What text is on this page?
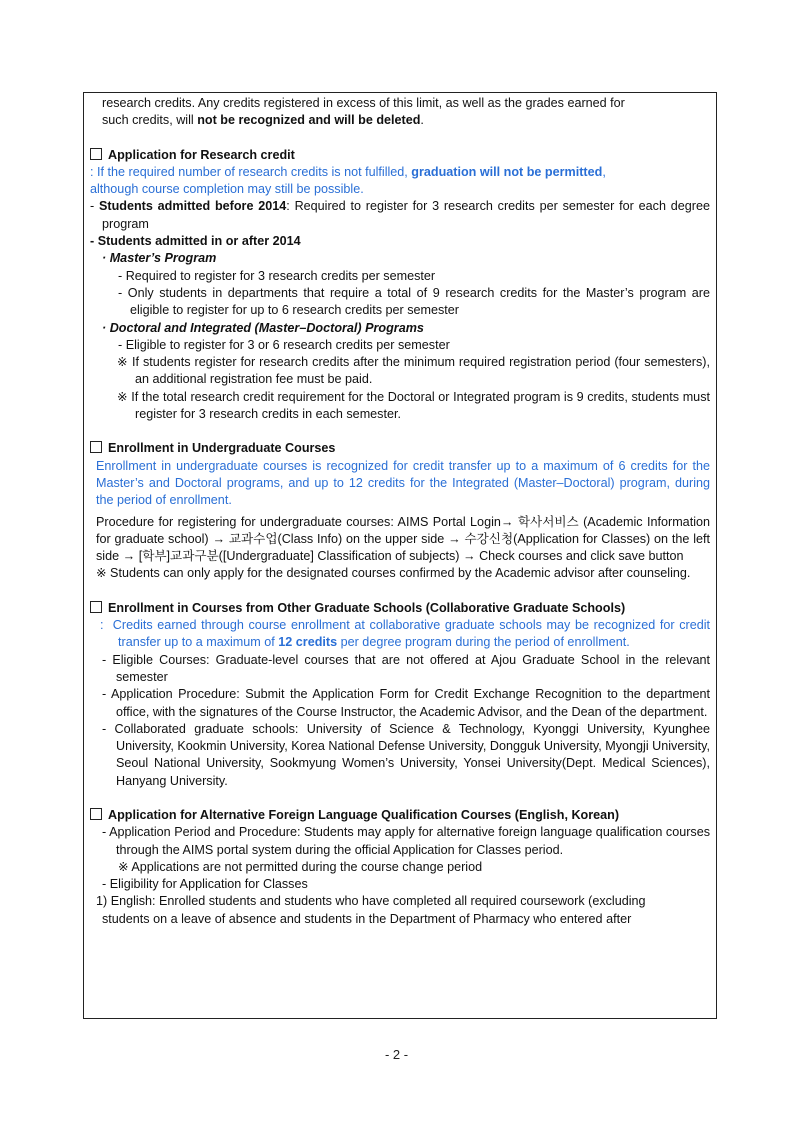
research credits. Any credits registered in excess of this limit, as well as the grades earned for

such credits, will not be recognized and will be deleted.

Application for Research credit

: If the required number of research credits is not fulfilled, graduation will not be permitted,

although course completion may still be possible.

- Students admitted before 2014: Required to register for 3 research credits per semester for each degree program

- Students admitted in or after 2014

· Master’s Program

- Required to register for 3 research credits per semester

- Only students in departments that require a total of 9 research credits for the Master’s program are eligible to register for up to 6 research credits per semester

· Doctoral and Integrated (Master–Doctoral) Programs

- Eligible to register for 3 or 6 research credits per semester

※ If students register for research credits after the minimum required registration period (four semesters), an additional registration fee must be paid.

※ If the total research credit requirement for the Doctoral or Integrated program is 9 credits, students must register for 3 research credits in each semester.

Enrollment in Undergraduate Courses

Enrollment in undergraduate courses is recognized for credit transfer up to a maximum of 6 credits for the Master’s and Doctoral programs, and up to 12 credits for the Integrated (Master–Doctoral) program, during the period of enrollment.

Procedure for registering for undergraduate courses: AIMS Portal Login→ 학사서비스 (Academic Information for graduate school) → 교과수업(Class Info) on the upper side → 수강신청(Application for Classes) on the left side → [학부]교과구분([Undergraduate] Classification of subjects) → Check courses and click save button

※ Students can only apply for the designated courses confirmed by the Academic advisor after counseling.

Enrollment in Courses from Other Graduate Schools (Collaborative Graduate Schools)

:  Credits earned through course enrollment at collaborative graduate schools may be recognized for credit transfer up to a maximum of 12 credits per degree program during the period of enrollment.

- Eligible Courses: Graduate-level courses that are not offered at Ajou Graduate School in the relevant semester

- Application Procedure: Submit the Application Form for Credit Exchange Recognition to the department office, with the signatures of the Course Instructor, the Academic Advisor, and the Dean of the department.

- Collaborated graduate schools: University of Science & Technology, Kyonggi University, Kyunghee University, Kookmin University, Korea National Defense University, Dongguk University, Myongji University, Seoul National University, Sookmyung Women’s University, Yonsei University(Dept. Medical Sciences), Hanyang University.

Application for Alternative Foreign Language Qualification Courses (English, Korean)

- Application Period and Procedure: Students may apply for alternative foreign language qualification courses through the AIMS portal system during the official Application for Classes period.

※ Applications are not permitted during the course change period

- Eligibility for Application for Classes

1) English: Enrolled students and students who have completed all required coursework (excluding

students on a leave of absence and students in the Department of Pharmacy who entered after

- 2 -
